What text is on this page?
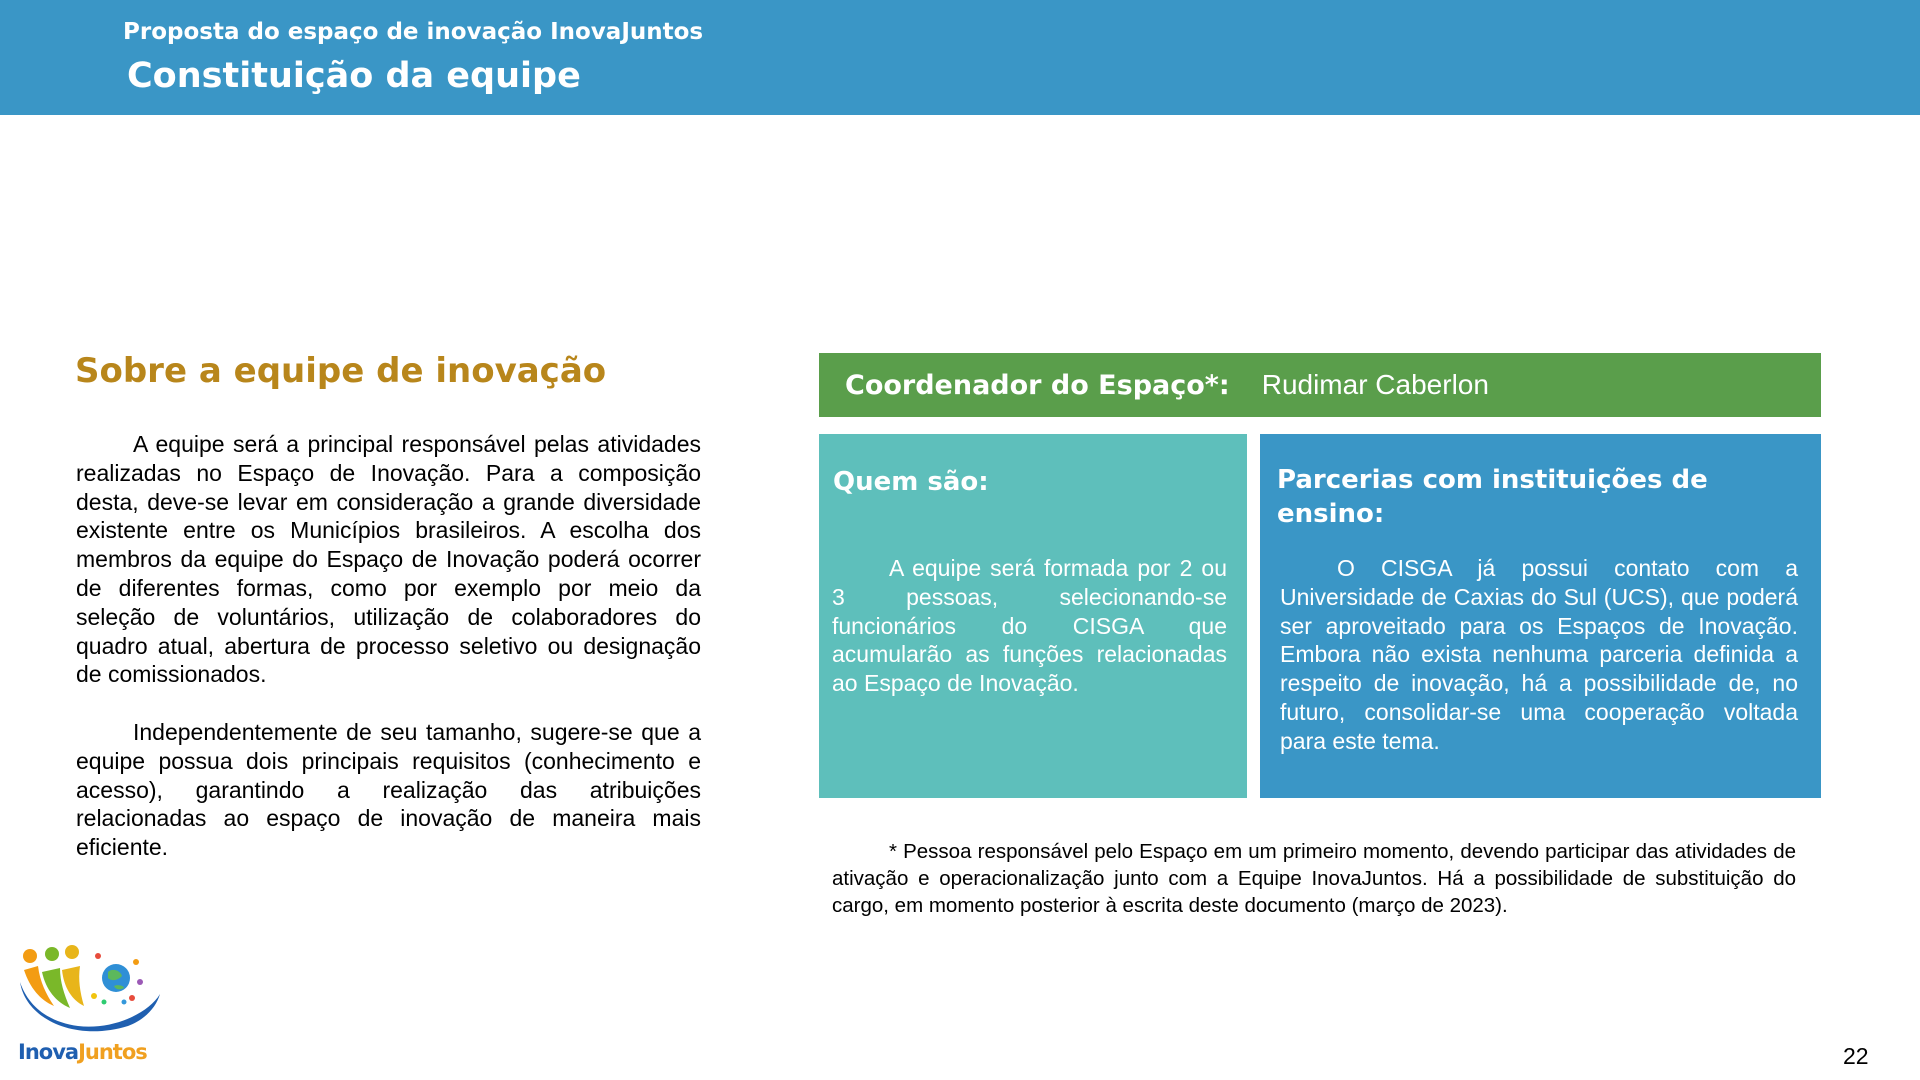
Proposta do espaço de inovação InovaJuntos
Constituição da equipe
Sobre a equipe de inovação

A equipe será a principal responsável pelas atividades realizadas no Espaço de Inovação. Para a composição desta, deve-se levar em consideração a grande diversidade existente entre os Municípios brasileiros. A escolha dos membros da equipe do Espaço de Inovação poderá ocorrer de diferentes formas, como por exemplo por meio da seleção de voluntários, utilização de colaboradores do quadro atual, abertura de processo seletivo ou designação de comissionados.

Independentemente de seu tamanho, sugere-se que a equipe possua dois principais requisitos (conhecimento e acesso), garantindo a realização das atribuições relacionadas ao espaço de inovação de maneira mais eficiente.

Coordenador do Espaço*: Rudimar Caberlon
Quem são:

A equipe será formada por 2 ou 3 pessoas, selecionando-se funcionários do CISGA que acumularão as funções relacionadas ao Espaço de Inovação.

Parcerias com instituições de ensino:

O CISGA já possui contato com a Universidade de Caxias do Sul (UCS), que poderá ser aproveitado para os Espaços de Inovação. Embora não exista nenhuma parceria definida a respeito de inovação, há a possibilidade de, no futuro, consolidar-se uma cooperação voltada para este tema.

* Pessoa responsável pelo Espaço em um primeiro momento, devendo participar das atividades de ativação e operacionalização junto com a Equipe InovaJuntos. Há a possibilidade de substituição do cargo, em momento posterior à escrita deste documento (março de 2023).

InovaJuntos	22
